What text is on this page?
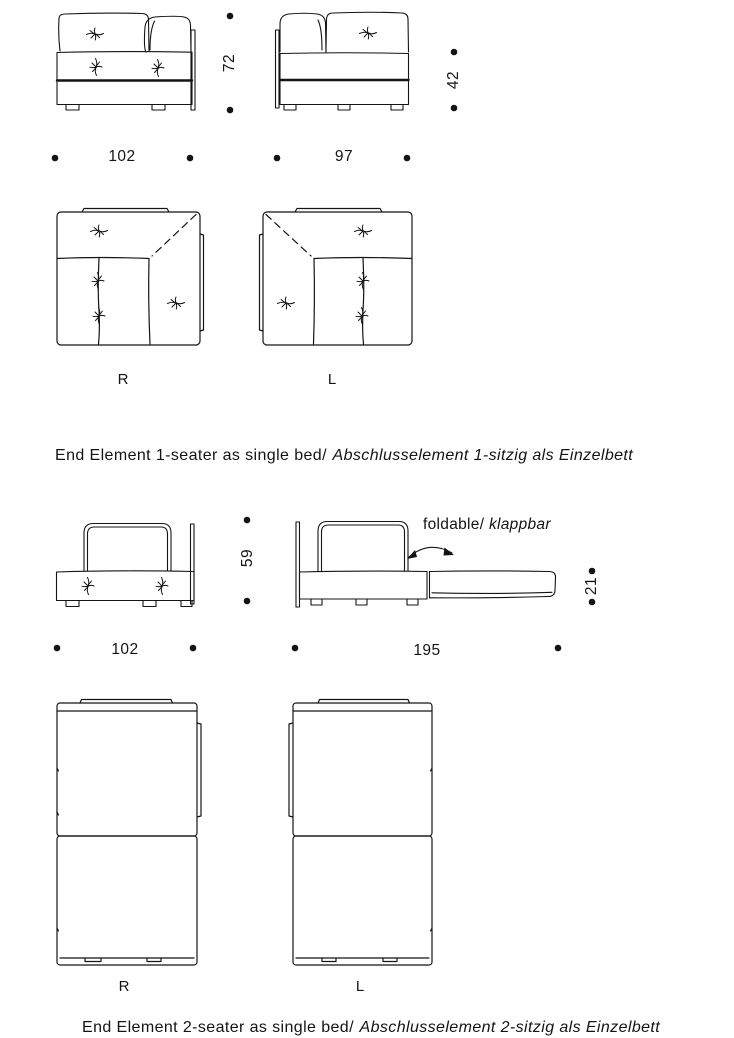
102	97
72
42
R	L
End Element 1-seater as single bed/ Abschlusselement 1-sitzig als Einzelbett
102
59
195
21
foldable/ klappbar
R	L
End Element 2-seater as single bed/ Abschlusselement 2-sitzig als Einzelbett
